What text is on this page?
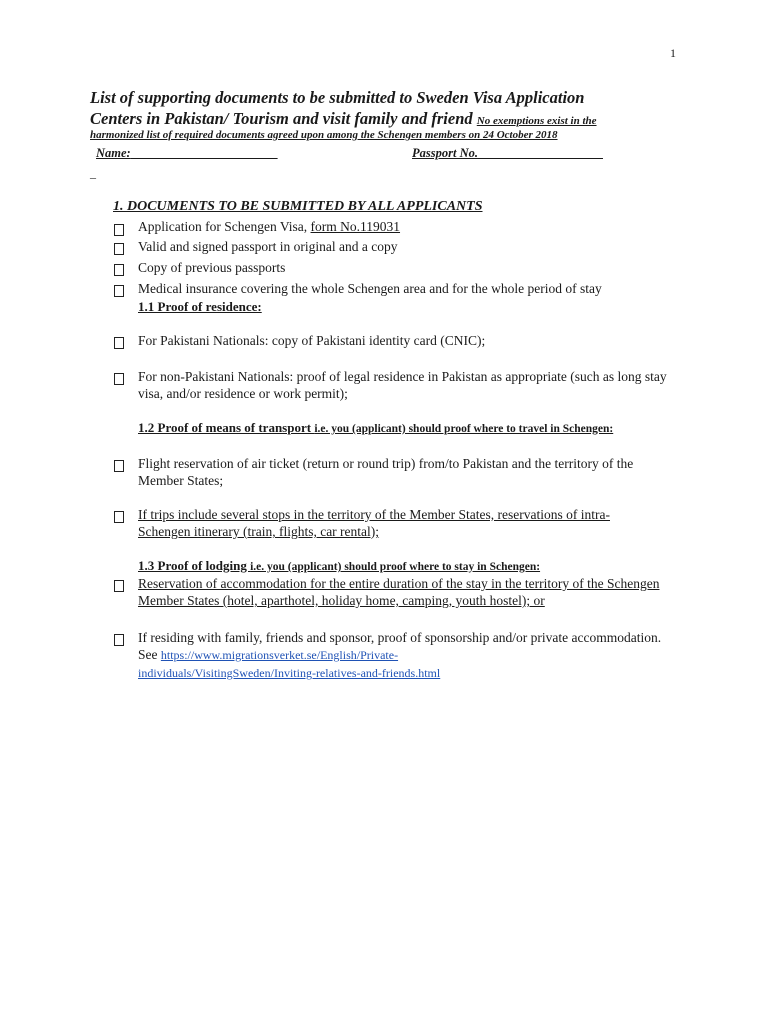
1
List of supporting documents to be submitted to Sweden Visa Application
Centers in Pakistan/ Tourism and visit family and friend No exemptions exist in the
harmonized list of required documents agreed upon among the Schengen members on 24 October 2018
Name:	Passport No.
_
1. DOCUMENTS TO BE SUBMITTED BY ALL APPLICANTS
Application for Schengen Visa, form No.119031
Valid and signed passport in original and a copy
Copy of previous passports
Medical insurance covering the whole Schengen area and for the whole period of stay
1.1 Proof of residence:
For Pakistani Nationals: copy of Pakistani identity card (CNIC);
For non-Pakistani Nationals: proof of legal residence in Pakistan as appropriate (such as long stay visa, and/or residence or work permit);
1.2 Proof of means of transport i.e. you (applicant) should proof where to travel in Schengen:
Flight reservation of air ticket (return or round trip) from/to Pakistan and the territory of the Member States;
If trips include several stops in the territory of the Member States, reservations of intra-Schengen itinerary (train, flights, car rental);
1.3 Proof of lodging i.e. you (applicant) should proof where to stay in Schengen:
Reservation of accommodation for the entire duration of the stay in the territory of the Schengen Member States (hotel, aparthotel, holiday home, camping, youth hostel); or
If residing with family, friends and sponsor, proof of sponsorship and/or private accommodation. See https://www.migrationsverket.se/English/Private-
individuals/VisitingSweden/Inviting-relatives-and-friends.html
